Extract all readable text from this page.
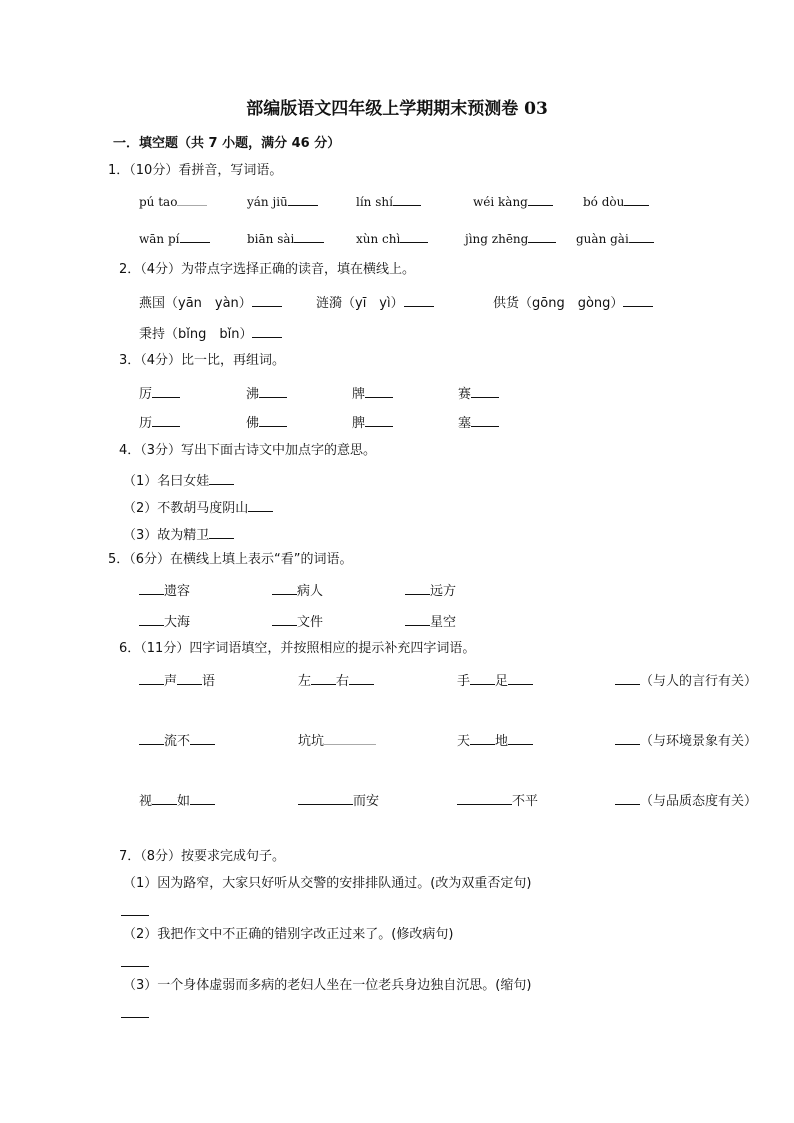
部编版语文四年级上学期期末预测卷 03
一．填空题（共 7 小题，满分 46 分）
1．（10分）看拼音，写词语。
pú tao	yán jiū	lín shí	wéi kàng	bó dòu
wān pí	biān sài	xùn chì	jìng zhēng	guàn gài
2．（4分）为带点字选择正确的读音，填在横线上。
燕国（yān　yàn）	涟漪（yī　yì）	供货（gōng　gòng）
秉持（bǐng　bǐn）
3．（4分）比一比，再组词。
厉	沸	牌	赛
历	佛	脾	塞
4．（3分）写出下面古诗文中加点字的意思。
（1）名曰女娃
（2）不教胡马度阴山
（3）故为精卫
5．（6分）在横线上填上表示“看”的词语。
遗容	病人	远方
大海	文件	星空
6．（11分）四字词语填空，并按照相应的提示补充四字词语。
声 语	左 右	手 足	（与人的言行有关）
流不	坑坑	天 地	（与环境景象有关）
视 如	而安	不平	（与品质态度有关）
7．（8分）按要求完成句子。
（1）因为路窄，大家只好听从交警的安排排队通过。(改为双重否定句)
（2）我把作文中不正确的错别字改正过来了。(修改病句)
（3）一个身体虚弱而多病的老妇人坐在一位老兵身边独自沉思。(缩句)
